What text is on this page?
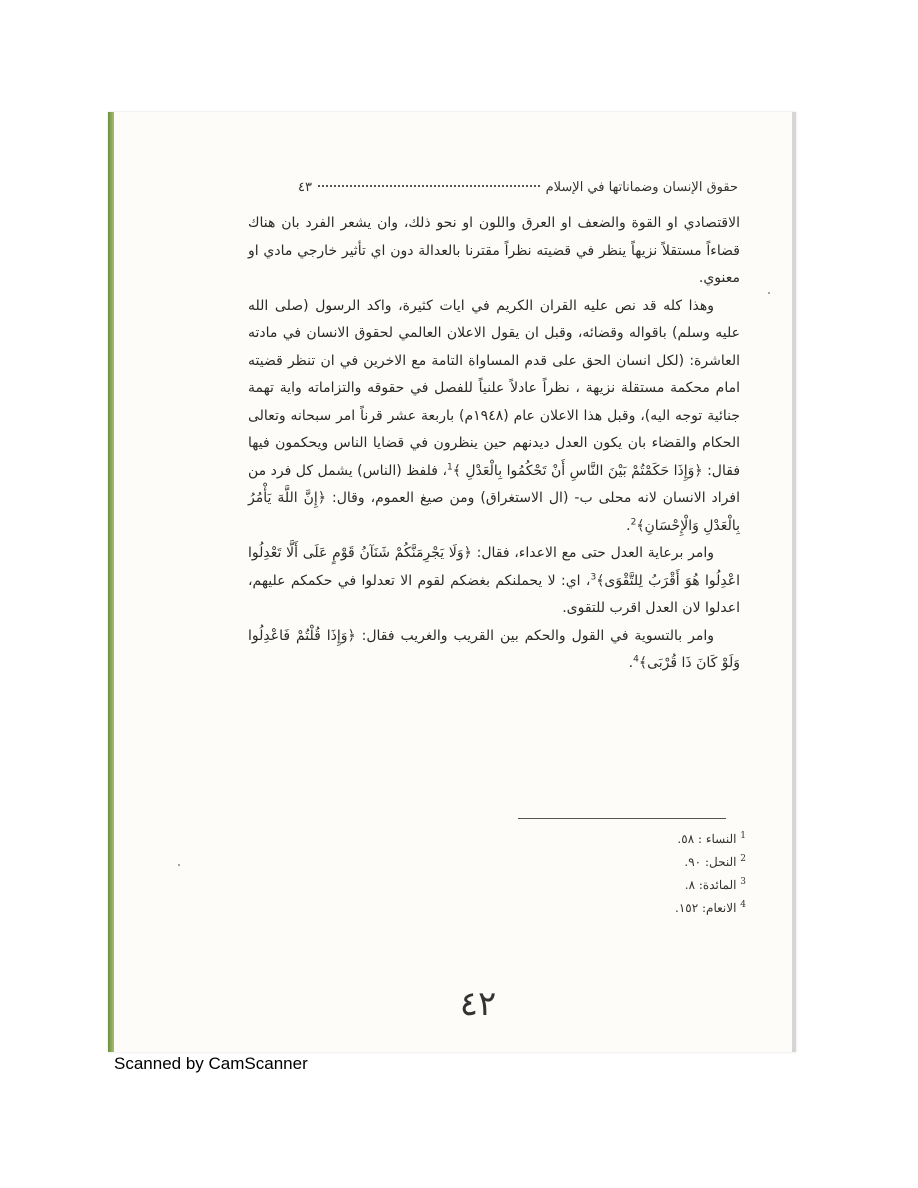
حقوق الإنسان وضماناتها في الإسلام
٤٣

الاقتصادي او القوة والضعف او العرق واللون او نحو ذلك، وان يشعر الفرد بان هناك قضاءاً مستقلاً نزيهاً ينظر في قضيته نظراً مقترنا بالعدالة دون اي تأثير خارجي مادي او معنوي.

وهذا كله قد نص عليه القران الكريم في ايات كثيرة، واكد الرسول (صلى الله عليه وسلم) باقواله وقضائه، وقبل ان يقول الاعلان العالمي لحقوق الانسان في مادته العاشرة: (لكل انسان الحق على قدم المساواة التامة مع الاخرين في ان تنظر قضيته امام محكمة مستقلة نزيهة ، نظراً عادلاً علنياً للفصل في حقوقه والتزاماته واية تهمة جنائية توجه اليه)، وقبل هذا الاعلان عام (١٩٤٨م) باربعة عشر قرناً امر سبحانه وتعالى الحكام والقضاء بان يكون العدل ديدنهم حين ينظرون في قضايا الناس ويحكمون فيها فقال: ﴿وَإِذَا حَكَمْتُمْ بَيْنَ النَّاسِ أَنْ تَحْكُمُوا بِالْعَدْلِ ﴾$^1$، فلفظ (الناس) يشمل كل فرد من افراد الانسان لانه محلى ب- (ال الاستغراق) ومن صيغ العموم، وقال: ﴿إِنَّ اللَّهَ يَأْمُرُ بِالْعَدْلِ وَالْإِحْسَانِ﴾$^2$.

وامر برعاية العدل حتى مع الاعداء، فقال: ﴿وَلَا يَجْرِمَنَّكُمْ شَنَآنُ قَوْمٍ عَلَى أَلَّا تَعْدِلُوا اعْدِلُوا هُوَ أَقْرَبُ لِلتَّقْوَى﴾$^3$، اي: لا يحملنكم بغضكم لقوم الا تعدلوا في حكمكم عليهم، اعدلوا لان العدل اقرب للتقوى.

وامر بالتسوية في القول والحكم بين القريب والغريب فقال: ﴿وَإِذَا قُلْتُمْ فَاعْدِلُوا وَلَوْ كَانَ ذَا قُرْبَى﴾$^4$.

$^1$ النساء : ٥٨.
$^2$ النحل: ٩٠.
$^3$ المائدة: ٨.
$^4$ الانعام: ١٥٢.
٤٢
Scanned by CamScanner
